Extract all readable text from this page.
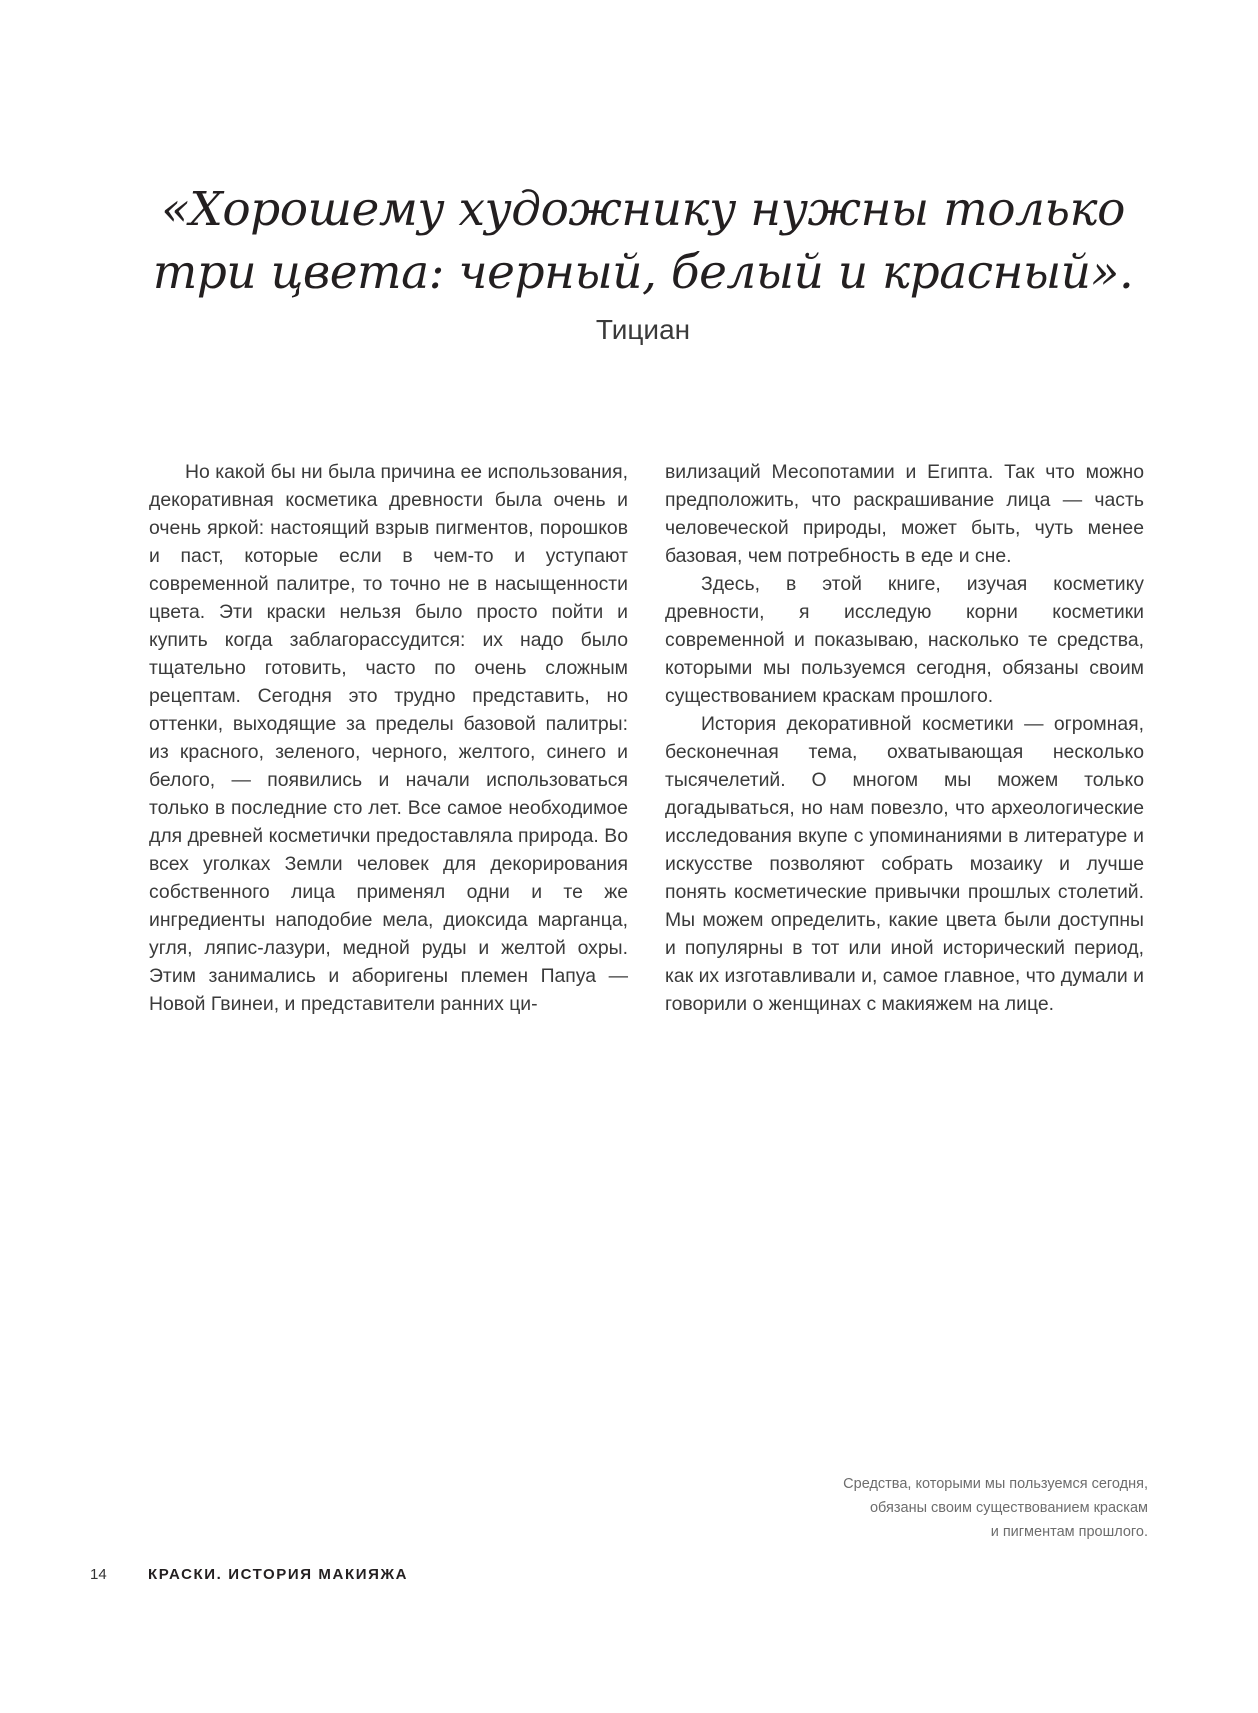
«Хорошему художнику нужны только
три цвета: черный, белый и красный».
Тициан

Но какой бы ни была причина ее использования, декоративная косметика древности была очень и очень яркой: настоящий взрыв пигментов, порошков и паст, которые если в чем-то и уступают современной палитре, то точно не в насыщенности цвета. Эти краски нельзя было просто пойти и купить когда заблагорассудится: их надо было тщательно готовить, часто по очень сложным рецептам. Сегодня это трудно представить, но оттенки, выходящие за пределы базовой палитры: из красного, зеленого, черного, желтого, синего и белого, — появились и начали использоваться только в последние сто лет. Все самое необходимое для древней косметички предоставляла природа. Во всех уголках Земли человек для декорирования собственного лица применял одни и те же ингредиенты наподобие мела, диоксида марганца, угля, ляпис-лазури, медной руды и желтой охры. Этим занимались и аборигены племен Папуа — Новой Гвинеи, и представители ранних ци-

вилизаций Месопотамии и Египта. Так что можно предположить, что раскрашивание лица — часть человеческой природы, может быть, чуть менее базовая, чем потребность в еде и сне.

Здесь, в этой книге, изучая косметику древности, я исследую корни косметики современной и показываю, насколько те средства, которыми мы пользуемся сегодня, обязаны своим существованием краскам прошлого.

История декоративной косметики — огромная, бесконечная тема, охватывающая несколько тысячелетий. О многом мы можем только догадываться, но нам повезло, что археологические исследования вкупе с упоминаниями в литературе и искусстве позволяют собрать мозаику и лучше понять косметические привычки прошлых столетий. Мы можем определить, какие цвета были доступны и популярны в тот или иной исторический период, как их изготавливали и, самое главное, что думали и говорили о женщинах с макияжем на лице.

Средства, которыми мы пользуемся сегодня,
обязаны своим существованием краскам
и пигментам прошлого.
14	КРАСКИ. ИСТОРИЯ МАКИЯЖА
